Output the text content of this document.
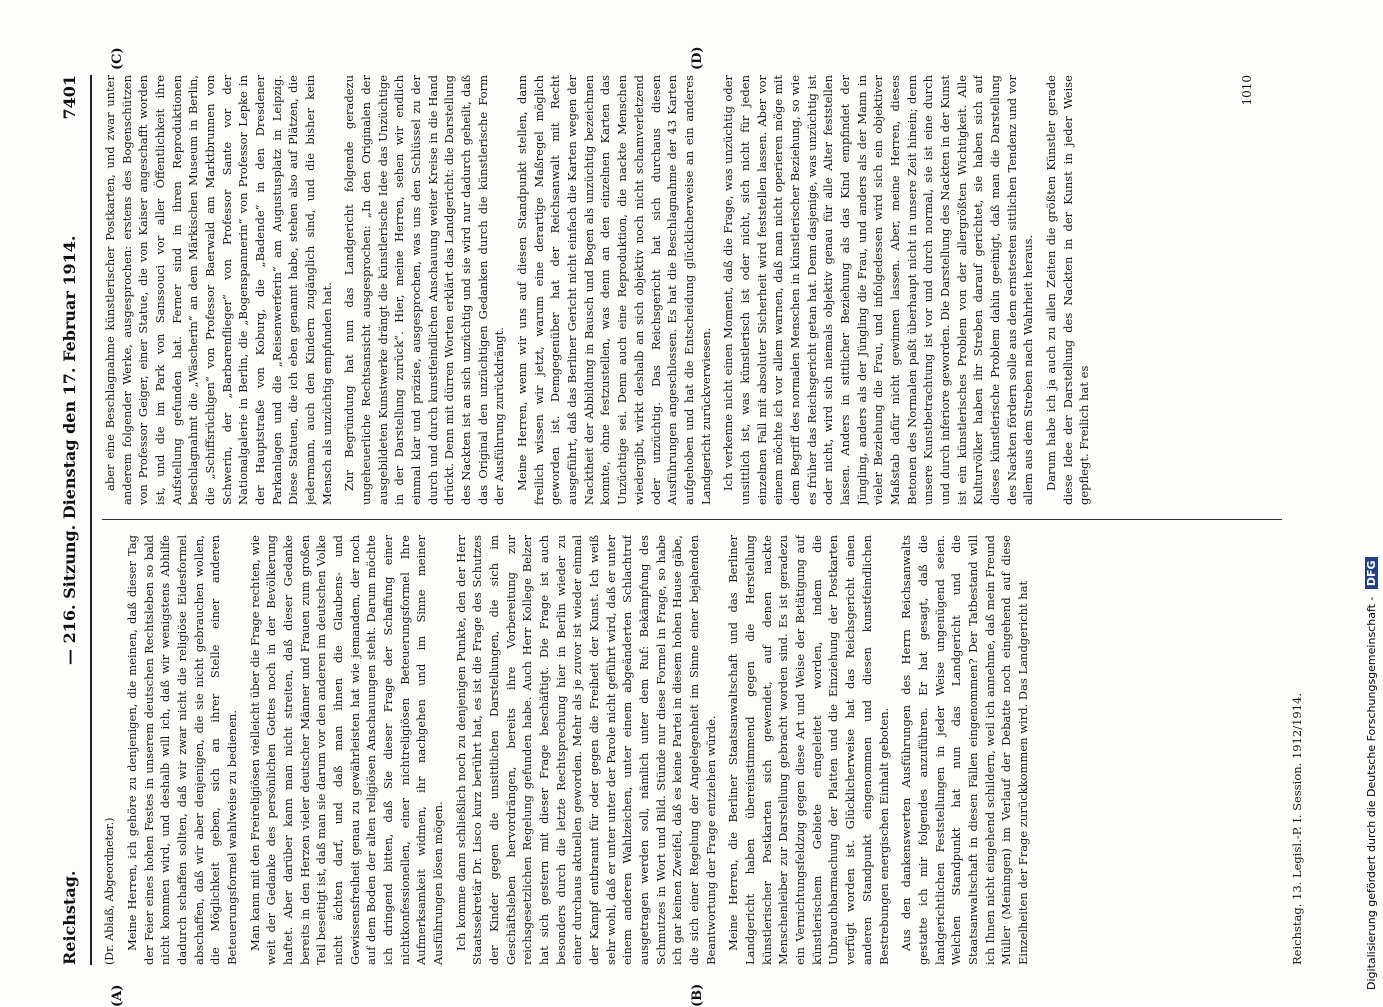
Reichstag.
— 216. Sitzung. Dienstag den 17. Februar 1914.
7401

(Dr. Ablaß, Abgeordneter.) Meine Herren, ich gehöre zu denjenigen, die meinen, daß dieser Tag der Feier eines hohen Festes in unserem deutschen Rechtsleben so bald nicht kommen wird, und deshalb will ich, daß wir wenigstens Abhilfe dadurch schaffen sollten, daß wir zwar nicht die religiöse Eidesformel abschaffen, daß wir aber denjenigen, die sie nicht gebrauchen wollen, die Möglichkeit geben, sich an ihrer Stelle einer anderen Beteuerungsformel wahlweise zu bedienen. Man kann mit den Freireligiösen vielleicht über die Frage rechten, wie weit der Gedanke des persönlichen Gottes noch in der Bevölkerung haftet. Aber darüber kann man nicht streiten, daß dieser Gedanke bereits in den Herzen vieler deutscher Männer und Frauen zum großen Teil beseitigt ist, daß man sie darum vor den anderen im deutschen Volke nicht ächten darf, und daß man ihnen die Glaubens- und Gewissensfreiheit genau zu gewährleisten hat wie jemandem, der noch auf dem Boden der alten religiösen Anschauungen steht. Darum möchte ich dringend bitten, daß Sie dieser Frage der Schaffung einer nichtkonfessionellen, einer nichtreligiösen Beteuerungsformel Ihre Aufmerksamkeit widmen, ihr nachgehen und im Sinne meiner Ausführungen lösen mögen. Ich komme dann schließlich noch zu denjenigen Punkte, den der Herr Staatssekretär Dr. Lisco kurz berührt hat, es ist die Frage des Schutzes der Kinder gegen die unsittlichen Darstellungen, die sich im Geschäftsleben hervordrängen, bereits ihre Vorbereitung zur reichsgesetzlichen Regelung gefunden habe. Auch Herr Kollege Belzer hat sich gestern mit dieser Frage beschäftigt. Die Frage ist auch besonders durch die letzte Rechtsprechung hier in Berlin wieder zu einer durchaus aktuellen geworden. Mehr als je zuvor ist wieder einmal der Kampf entbrannt für oder gegen die Freiheit der Kunst. Ich weiß sehr wohl, daß er unter unter der Parole nicht geführt wird, daß er unter einem anderen Wahlzeichen, unter einem abgeänderten Schlachtruf ausgetragen werden soll, nämlich unter dem Ruf: Bekämpfung des Schmutzes in Wort und Bild. Stünde nur diese Formel in Frage, so habe ich gar keinen Zweifel, daß es keine Partei in diesem hohen Hause gäbe, die sich einer Regelung der Angelegenheit im Sinne einer bejahenden Beantwortung der Frage entziehen würde. Meine Herren, die Berliner Staatsanwaltschaft und das Berliner Landgericht haben übereinstimmend gegen die Herstellung künstlerischer Postkarten sich gewendet, auf denen nackte Menschenleiber zur Darstellung gebracht worden sind. Es ist geradezu ein Vernichtungsfeldzug gegen diese Art und Weise der Betätigung auf künstlerischem Gebiete eingeleitet worden, indem die Unbrauchbarmachung der Platten und die Einziehung der Postkarten verfügt worden ist. Glücklicherweise hat das Reichsgericht einen anderen Standpunkt eingenommen und diesen kunstfeindlichen Bestrebungen energischen Einhalt geboten. Aus den dankenswerten Ausführungen des Herrn Reichsanwalts gestatte ich mir folgendes anzuführen. Er hat gesagt, daß die landgerichtlichen Feststellungen in jeder Weise ungenügend seien. Welchen Standpunkt hat nun das Landgericht und die Staatsanwaltschaft in diesen Fällen eingenommen? Der Tatbestand will ich Ihnen nicht eingehend schildern, weil ich annehme, daß mein Freund Müller (Meiningen) im Verlauf der Debatte noch eingehend auf diese Einzelheiten der Frage zurückkommen wird. Das Landgericht hat

aber eine Beschlagnahme künstlerischer Postkarten, und zwar unter anderem folgender Werke, ausgesprochen: erstens des Bogenschützen von Professor Geiger, einer Statue, die von Kaiser angeschafft worden ist, und die im Park von Sanssouci vor aller Öffentlichkeit ihre Aufstellung gefunden hat. Ferner sind in ihren Reproduktionen beschlagnahmt die „Wäscherin“ an dem Märkischen Museum in Berlin, die „Schiffsrüchigen“ von Professor Baerwald am Marktbrunnen von Schwerin, der „Barbarenflieger“ von Professor Sante vor der Nationalgalerie in Berlin, die „Bogenspannerin“ von Professor Lepke in der Hauptstraße von Koburg, die „Badende“ in den Dresdener Parkanlagen und die „Reisenwerferin“ am Augustusplatz in Leipzig. Diese Statuen, die ich eben genannt habe, stehen also auf Plätzen, die jedermann, auch den Kindern zugänglich sind, und die bisher kein Mensch als unzüchtig empfunden hat. Zur Begründung hat nun das Landgericht folgende geradezu ungeheuerliche Rechtsansicht ausgesprochen: „In den Originalen der ausgebildeten Kunstwerke drängt die künstlerische Idee das Unzüchtige in der Darstellung zurück“. Hier, meine Herren, sehen wir endlich einmal klar und präzise, ausgesprochen, was uns den Schlüssel zu der durch und durch kunstfeindlichen Anschauung weiter Kreise in die Hand drückt. Denn mit dürren Worten erklärt das Landgericht: die Darstellung des Nackten ist an sich unzüchtig und sie wird nur dadurch geheilt, daß das Original den unzüchtigen Gedanken durch die künstlerische Form der Ausführung zurückdrängt. Meine Herren, wenn wir uns auf diesen Standpunkt stellen, dann freilich wissen wir jetzt, warum eine derartige Maßregel möglich geworden ist. Demgegenüber hat der Reichsanwalt mit Recht ausgeführt, daß das Berliner Gericht nicht einfach die Karten wegen der Nacktheit der Abbildung in Bausch und Bogen als unzüchtig bezeichnen konnte, ohne festzustellen, was denn an den einzelnen Karten das Unzüchtige sei. Denn auch eine Reproduktion, die nackte Menschen wiedergibt, wirkt deshalb an sich objektiv noch nicht schamverletzend oder unzüchtig. Das Reichsgericht hat sich durchaus diesen Ausführungen angeschlossen. Es hat die Beschlagnahme der 43 Karten aufgehoben und hat die Entscheidung glücklicherweise an ein anderes Landgericht zurückverwiesen. Ich verkenne nicht einen Moment, daß die Frage, was unzüchtig oder unsittlich ist, was künstlerisch ist oder nicht, sich nicht für jeden einzelnen Fall mit absoluter Sicherheit wird feststellen lassen. Aber vor einem möchte ich vor allem warnen, daß man nicht operieren möge mit dem Begriff des normalen Menschen in künstlerischer Beziehung, so wie es früher das Reichsgericht getan hat. Denn dasjenige, was unzüchtig ist oder nicht, wird sich niemals objektiv genau für alle Alter feststellen lassen. Anders in sittlicher Beziehung als das Kind empfindet der Jüngling, anders als der Jüngling die Frau, und anders als der Mann in vieler Beziehung die Frau, und infolgedessen wird sich ein objektiver Maßstab dafür nicht gewinnen lassen. Aber, meine Herren, dieses Betonen des Normalen paßt überhaupt nicht in unsere Zeit hinein; denn unsere Kunstbetrachtung ist vor und durch normal, sie ist eine durch und durch inferiore geworden. Die Darstellung des Nackten in der Kunst ist ein künstlerisches Problem von der allergrößten Wichtigkeit. Alle Kulturvölker haben ihr Streben darauf gerichtet, sie haben sich auf dieses künstlerische Problem dahin geeinigt, daß man die Darstellung des Nackten fördern solle aus dem ernstesten sittlichen Tendenz und vor allem aus dem Streben nach Wahrheit heraus. Darum habe ich ja auch zu allen Zeiten die größten Künstler gerade diese Idee der Darstellung des Nackten in der Kunst in jeder Weise gepflegt. Freilich hat es

(A)	(B)
(C)	(D)
Reichstag. 13. Legisl.-P. I. Session. 1912/1914.
1010
Digitalisierung gefördert durch die Deutsche Forschungsgemeinschaft - DFG
